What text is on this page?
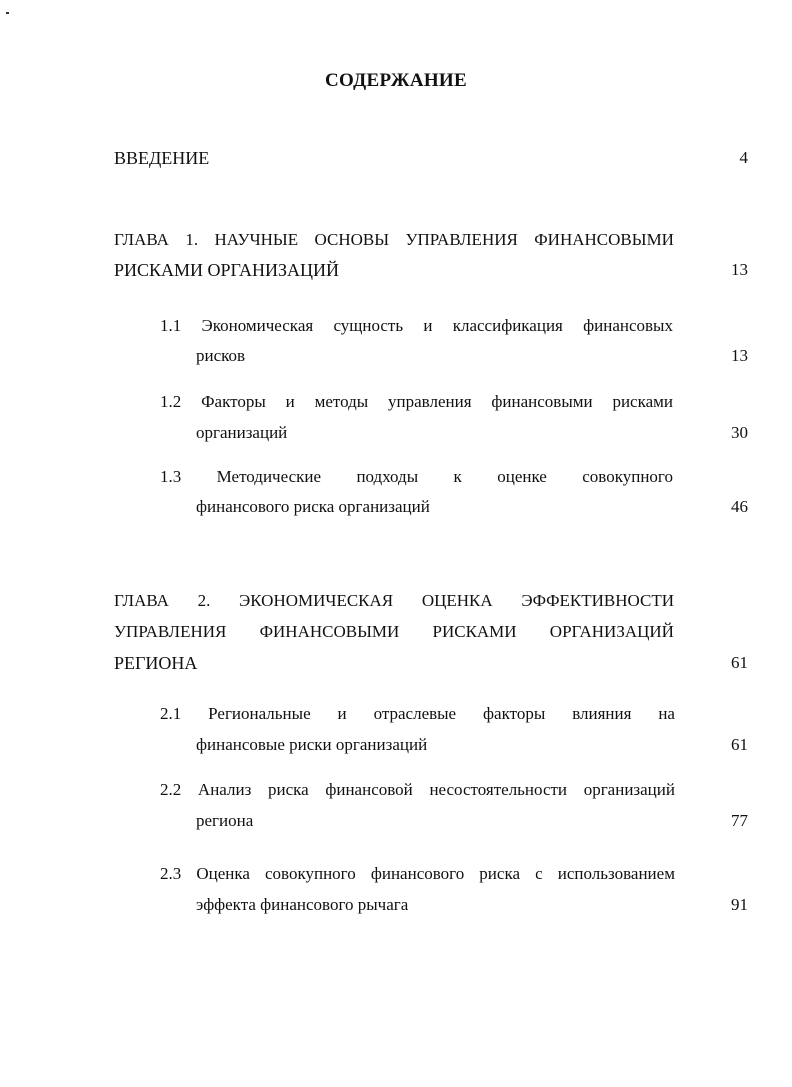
СОДЕРЖАНИЕ
ВВЕДЕНИЕ	4
ГЛАВА 1. НАУЧНЫЕ ОСНОВЫ УПРАВЛЕНИЯ ФИНАНСОВЫМИ
РИСКАМИ ОРГАНИЗАЦИЙ	13
1.1 Экономическая сущность и классификация финансовых
рисков	13
1.2 Факторы и методы управления финансовыми рисками
организаций	30
1.3 Методические подходы к оценке совокупного
финансового риска организаций	46
ГЛАВА 2. ЭКОНОМИЧЕСКАЯ ОЦЕНКА ЭФФЕКТИВНОСТИ
УПРАВЛЕНИЯ ФИНАНСОВЫМИ РИСКАМИ ОРГАНИЗАЦИЙ
РЕГИОНА	61
2.1 Региональные и отраслевые факторы влияния на
финансовые риски организаций	61
2.2 Анализ риска финансовой несостоятельности организаций
региона	77
2.3 Оценка совокупного финансового риска с использованием
эффекта финансового рычага	91
